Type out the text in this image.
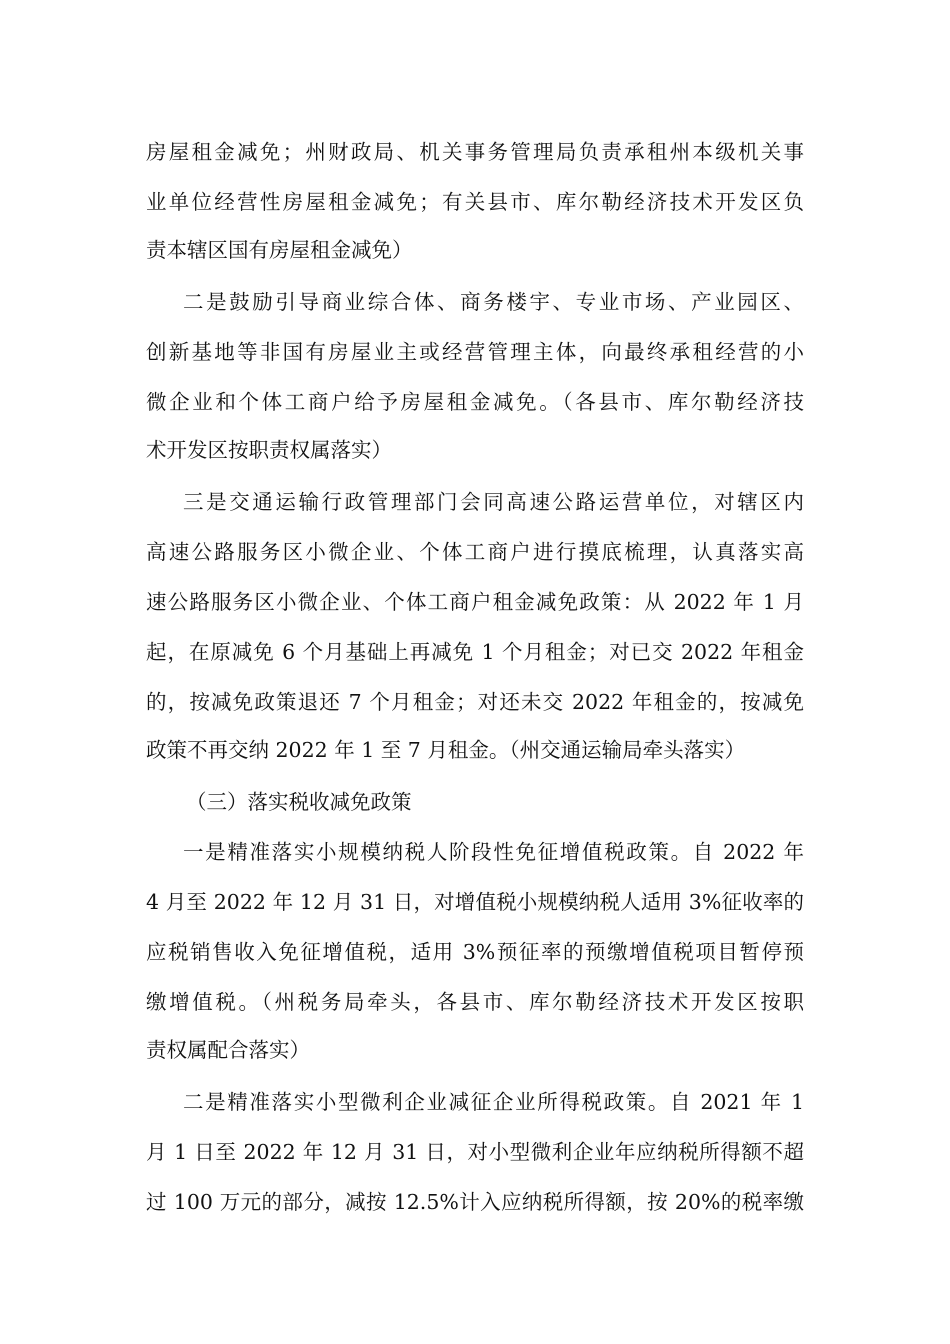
房屋租金减免；州财政局、机关事务管理局负责承租州本级机关事

业单位经营性房屋租金减免；有关县市、库尔勒经济技术开发区负

责本辖区国有房屋租金减免）

二是鼓励引导商业综合体、商务楼宇、专业市场、产业园区、

创新基地等非国有房屋业主或经营管理主体，向最终承租经营的小

微企业和个体工商户给予房屋租金减免。（各县市、库尔勒经济技

术开发区按职责权属落实）

三是交通运输行政管理部门会同高速公路运营单位，对辖区内

高速公路服务区小微企业、个体工商户进行摸底梳理，认真落实高

速公路服务区小微企业、个体工商户租金减免政策：从 2022 年 1 月

起，在原减免 6 个月基础上再减免 1 个月租金；对已交 2022 年租金

的，按减免政策退还 7 个月租金；对还未交 2022 年租金的，按减免

政策不再交纳 2022 年 1 至 7 月租金。（州交通运输局牵头落实）

（三）落实税收减免政策

一是精准落实小规模纳税人阶段性免征增值税政策。自 2022 年

4 月至 2022 年 12 月 31 日，对增值税小规模纳税人适用 3%征收率的

应税销售收入免征增值税，适用 3%预征率的预缴增值税项目暂停预

缴增值税。（州税务局牵头，各县市、库尔勒经济技术开发区按职

责权属配合落实）

二是精准落实小型微利企业减征企业所得税政策。自 2021 年 1

月 1 日至 2022 年 12 月 31 日，对小型微利企业年应纳税所得额不超

过 100 万元的部分，减按 12.5%计入应纳税所得额，按 20%的税率缴
